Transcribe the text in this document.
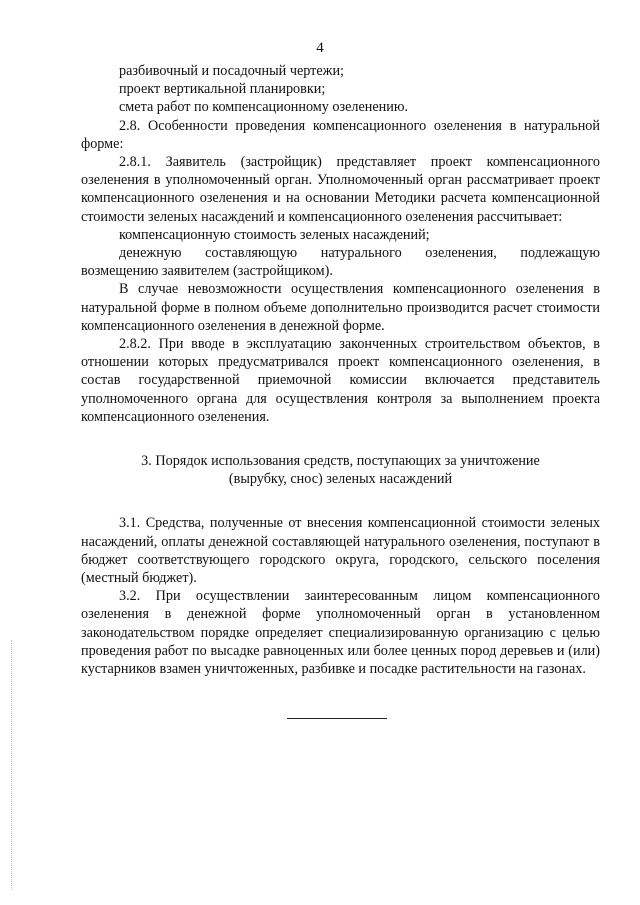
4

разбивочный и посадочный чертежи;

проект вертикальной планировки;

смета работ по компенсационному озеленению.

2.8. Особенности проведения компенсационного озеленения в натуральной форме:

2.8.1. Заявитель (застройщик) представляет проект компенсационного озеленения в уполномоченный орган. Уполномоченный орган рассматривает проект компенсационного озеленения и на основании Методики расчета компенсационной стоимости зеленых насаждений и компенсационного озеленения рассчитывает:

компенсационную стоимость зеленых насаждений;

денежную составляющую натурального озеленения, подлежащую возмещению заявителем (застройщиком).

В случае невозможности осуществления компенсационного озеленения в натуральной форме в полном объеме дополнительно производится расчет стоимости компенсационного озеленения в денежной форме.

2.8.2. При вводе в эксплуатацию законченных строительством объектов, в отношении которых предусматривался проект компенсационного озеленения, в состав государственной приемочной комиссии включается представитель уполномоченного органа для осуществления контроля за выполнением проекта компенсационного озеленения.

3. Порядок использования средств, поступающих за уничтожение
(вырубку, снос) зеленых насаждений

3.1. Средства, полученные от внесения компенсационной стоимости зеленых насаждений, оплаты денежной составляющей натурального озеленения, поступают в бюджет соответствующего городского округа, городского, сельского поселения (местный бюджет).

3.2. При осуществлении заинтересованным лицом компенсационного озеленения в денежной форме уполномоченный орган в установленном законодательством порядке определяет специализированную организацию с целью проведения работ по высадке равноценных или более ценных пород деревьев и (или) кустарников взамен уничтоженных, разбивке и посадке растительности на газонах.
